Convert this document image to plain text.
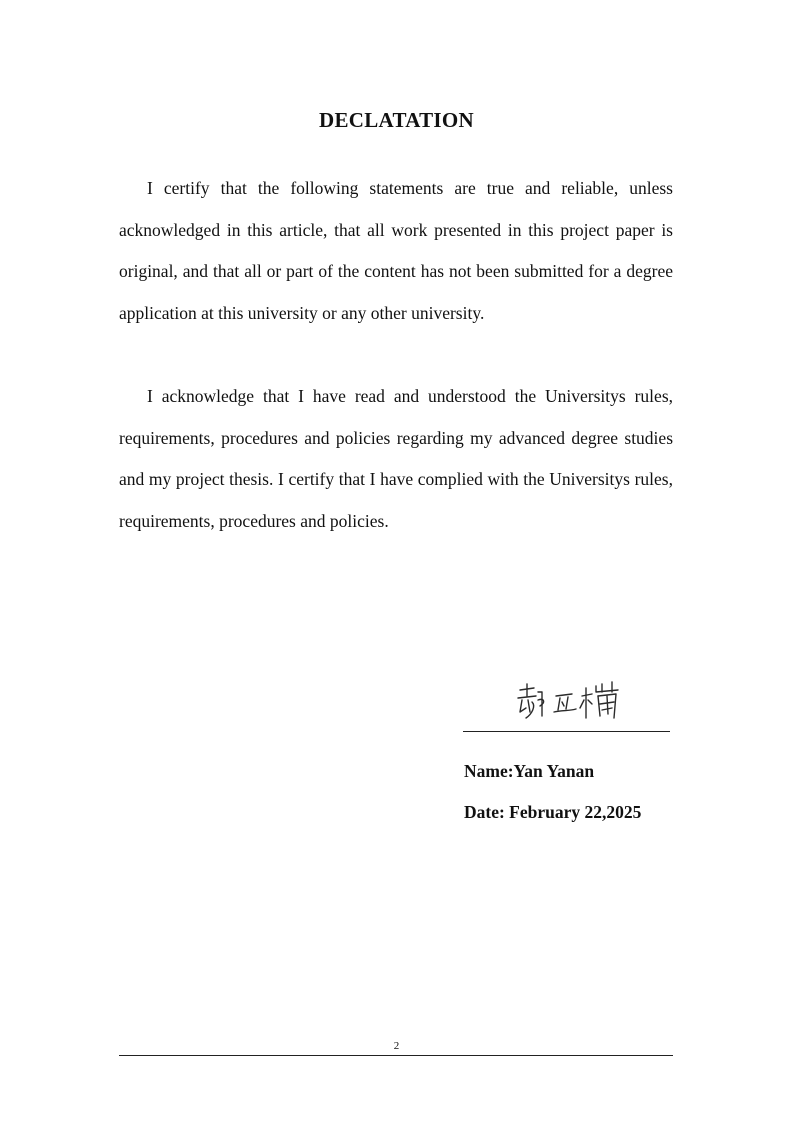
DECLATATION

I certify that the following statements are true and reliable, unless acknowledged in this article, that all work presented in this project paper is original, and that all or part of the content has not been submitted for a degree application at this university or any other university.

I acknowledge that I have read and understood the Universitys rules, requirements, procedures and policies regarding my advanced degree studies and my project thesis. I certify that I have complied with the Universitys rules, requirements, procedures and policies.

Name:Yan Yanan
Date: February 22,2025
2
